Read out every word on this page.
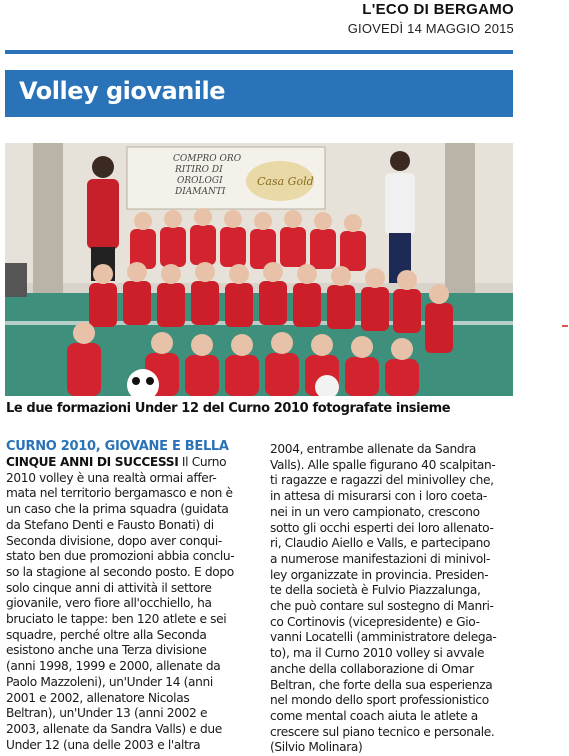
L'ECO DI BERGAMO
GIOVEDÌ 14 MAGGIO 2015
Volley giovanile
COMPRO ORO
RITIRO DI
OROLOGI
DIAMANTI
Casa Gold
Le due formazioni Under 12 del Curno 2010 fotografate insieme
CURNO 2010, GIOVANE E BELLA
CINQUE ANNI DI SUCCESSI Il Curno
2010 volley è una realtà ormai affer-
mata nel territorio bergamasco e non è
un caso che la prima squadra (guidata
da Stefano Denti e Fausto Bonati) di
Seconda divisione, dopo aver conqui-
stato ben due promozioni abbia conclu-
so la stagione al secondo posto. E dopo
solo cinque anni di attività il settore
giovanile, vero fiore all'occhiello, ha
bruciato le tappe: ben 120 atlete e sei
squadre, perché oltre alla Seconda
esistono anche una Terza divisione
(anni 1998, 1999 e 2000, allenate da
Paolo Mazzoleni), un'Under 14 (anni
2001 e 2002, allenatore Nicolas
Beltran), un'Under 13 (anni 2002 e
2003, allenate da Sandra Valls) e due
Under 12 (una delle 2003 e l'altra
2004, entrambe allenate da Sandra
Valls). Alle spalle figurano 40 scalpitan-
ti ragazze e ragazzi del minivolley che,
in attesa di misurarsi con i loro coeta-
nei in un vero campionato, crescono
sotto gli occhi esperti dei loro allenato-
ri, Claudio Aiello e Valls, e partecipano
a numerose manifestazioni di minivol-
ley organizzate in provincia. Presiden-
te della società è Fulvio Piazzalunga,
che può contare sul sostegno di Manri-
co Cortinovis (vicepresidente) e Gio-
vanni Locatelli (amministratore delega-
to), ma il Curno 2010 volley si avvale
anche della collaborazione di Omar
Beltran, che forte della sua esperienza
nel mondo dello sport professionistico
come mental coach aiuta le atlete a
crescere sul piano tecnico e personale.
(Silvio Molinara)
